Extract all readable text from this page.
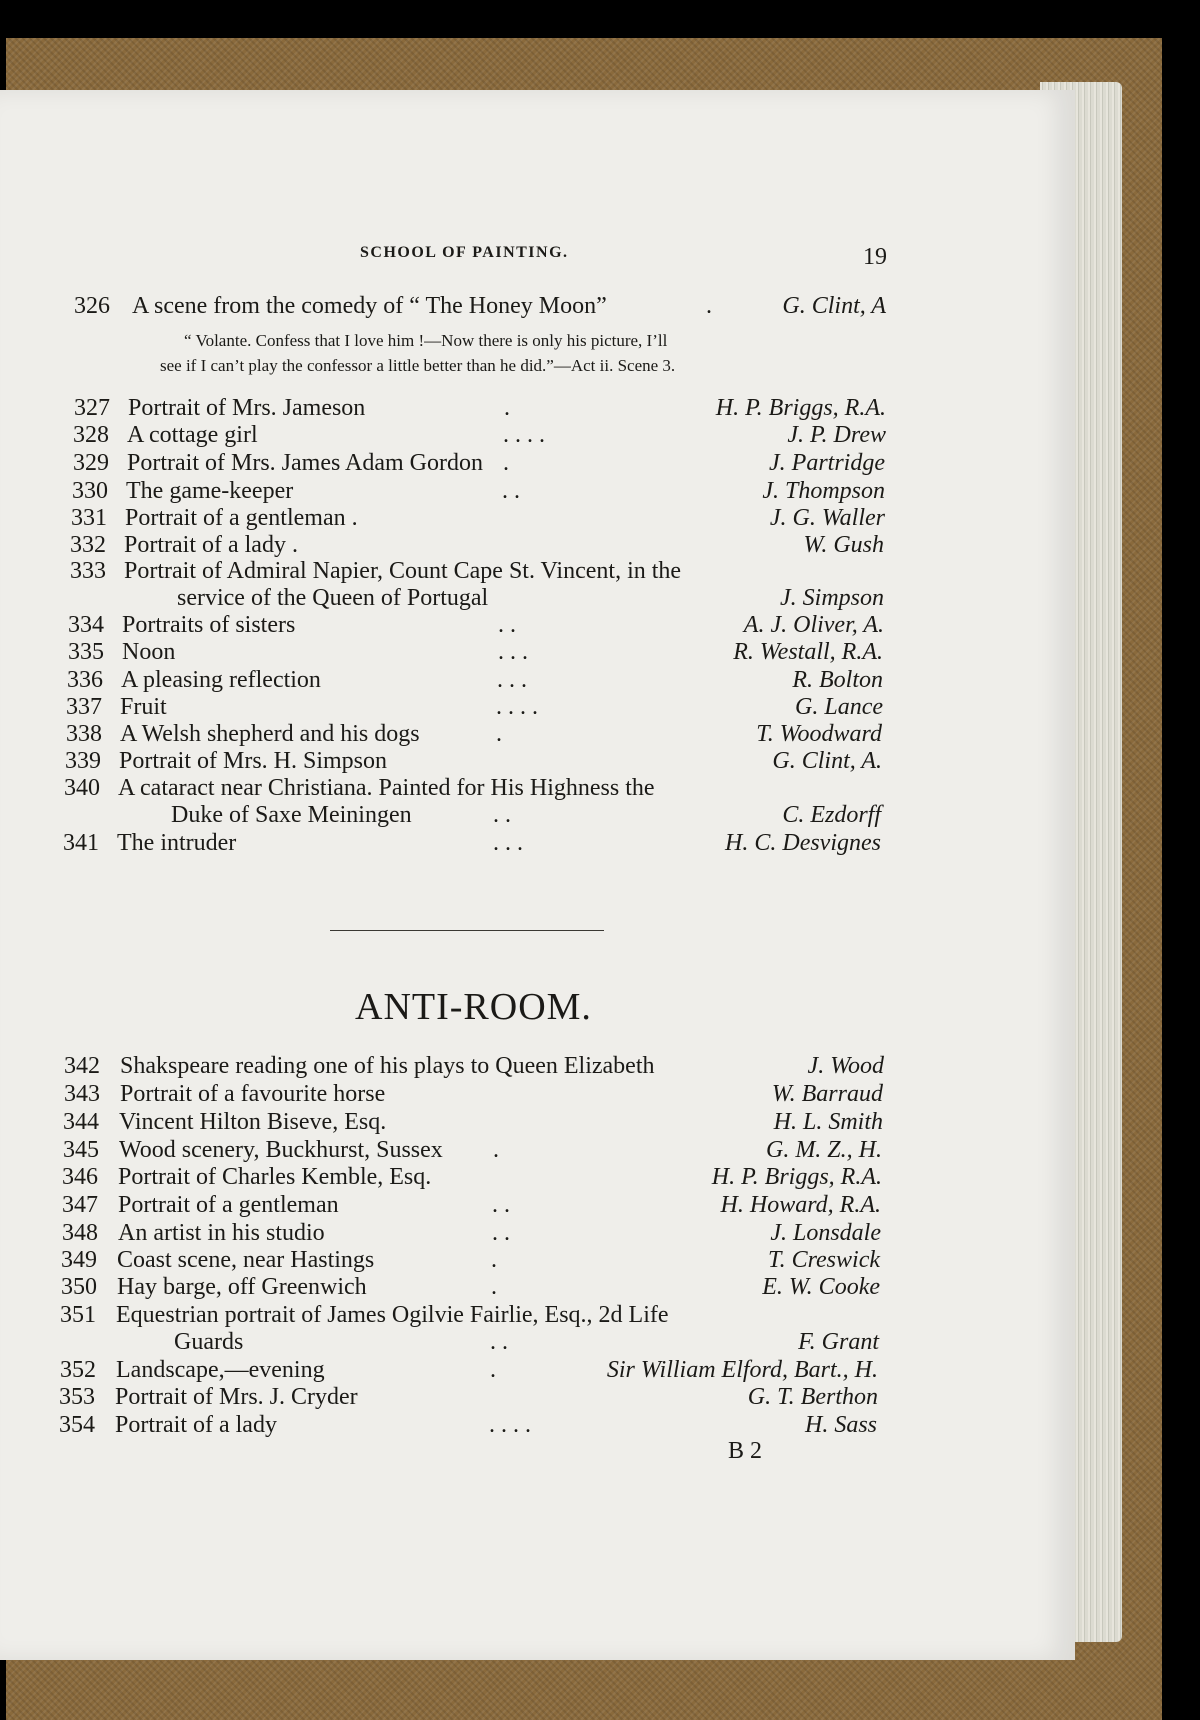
SCHOOL OF PAINTING.	19
326 A scene from the comedy of “ The Honey Moon”	.	G. Clint, A
“ Volante. Confess that I love him !—Now there is only his picture, I’ll
see if I can’t play the confessor a little better than he did.”—Act ii. Scene 3.
327 Portrait of Mrs. Jameson	.	H. P. Briggs, R.A.
328 A cottage girl	. . . .	J. P. Drew
329 Portrait of Mrs. James Adam Gordon .	J. Partridge
330 The game-keeper	. .	J. Thompson
331 Portrait of a gentleman .	J. G. Waller
332 Portrait of a lady .	W. Gush
333 Portrait of Admiral Napier, Count Cape St. Vincent, in the
service of the Queen of Portugal	J. Simpson
334 Portraits of sisters	. .	A. J. Oliver, A.
335 Noon	. . .	R. Westall, R.A.
336 A pleasing reflection	. . .	R. Bolton
337 Fruit	. . . .	G. Lance
338 A Welsh shepherd and his dogs	.	T. Woodward
339 Portrait of Mrs. H. Simpson	G. Clint, A.
340 A cataract near Christiana. Painted for His Highness the
Duke of Saxe Meiningen	. .	C. Ezdorff
341 The intruder	. . .	H. C. Desvignes
ANTI-ROOM.
342 Shakspeare reading one of his plays to Queen Elizabeth	J. Wood
343 Portrait of a favourite horse	W. Barraud
344 Vincent Hilton Biseve, Esq.	H. L. Smith
345 Wood scenery, Buckhurst, Sussex .	G. M. Z., H.
346 Portrait of Charles Kemble, Esq.	H. P. Briggs, R.A.
347 Portrait of a gentleman	. .	H. Howard, R.A.
348 An artist in his studio	. .	J. Lonsdale
349 Coast scene, near Hastings	.	T. Creswick
350 Hay barge, off Greenwich	.	E. W. Cooke
351 Equestrian portrait of James Ogilvie Fairlie, Esq., 2d Life
Guards	. .	F. Grant
352 Landscape,—evening	.	Sir William Elford, Bart., H.
353 Portrait of Mrs. J. Cryder	G. T. Berthon
354 Portrait of a lady	. . . .	H. Sass
B 2
